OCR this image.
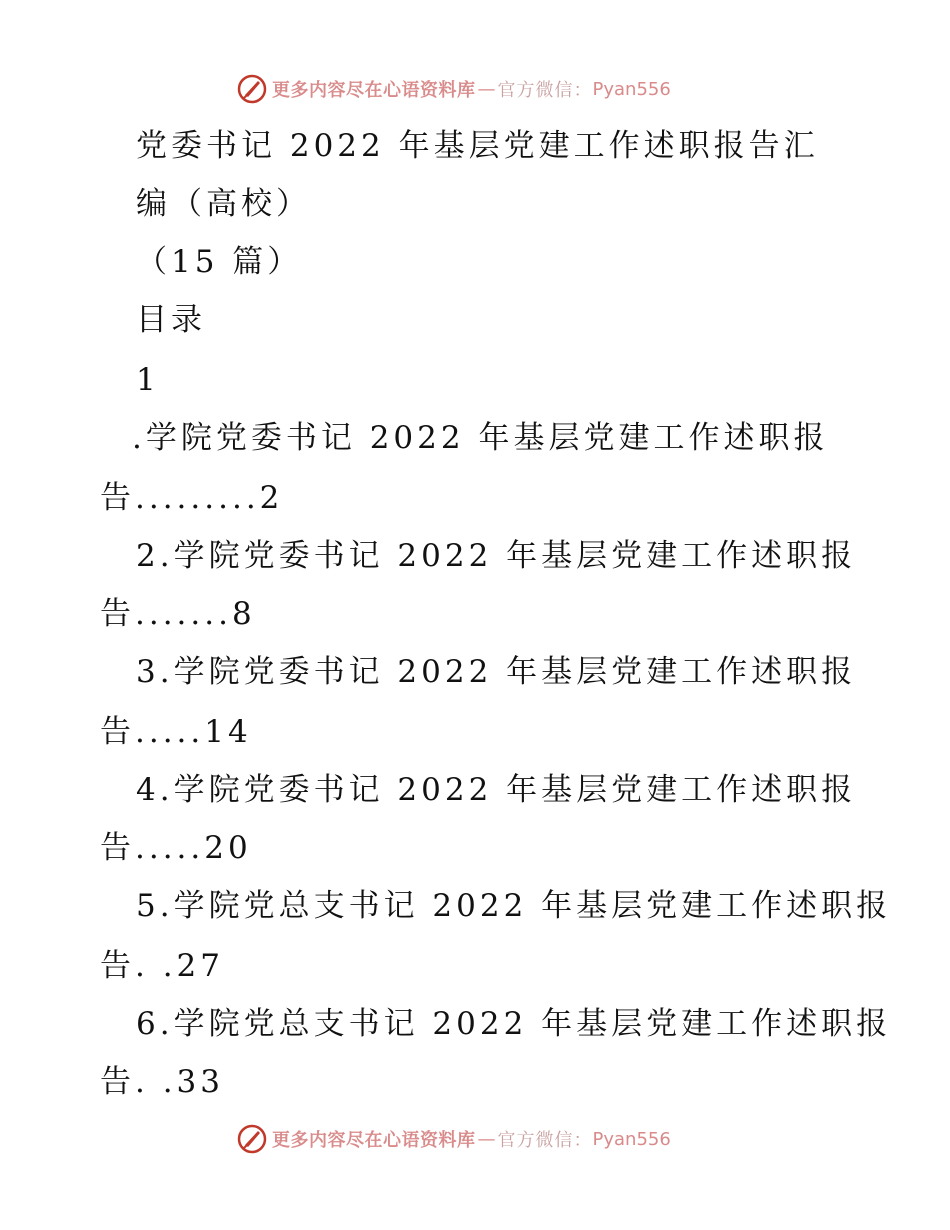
更多内容尽在心语资料库 — 官方微信： Pyan556
党委书记 2022 年基层党建工作述职报告汇
编（高校）
（15 篇）
目录
1
.学院党委书记 2022 年基层党建工作述职报
告.........2
2.学院党委书记 2022 年基层党建工作述职报
告.......8
3.学院党委书记 2022 年基层党建工作述职报
告.....14
4.学院党委书记 2022 年基层党建工作述职报
告.....20
5.学院党总支书记 2022 年基层党建工作述职报
告. .27
6.学院党总支书记 2022 年基层党建工作述职报
告. .33
更多内容尽在心语资料库 — 官方微信： Pyan556
